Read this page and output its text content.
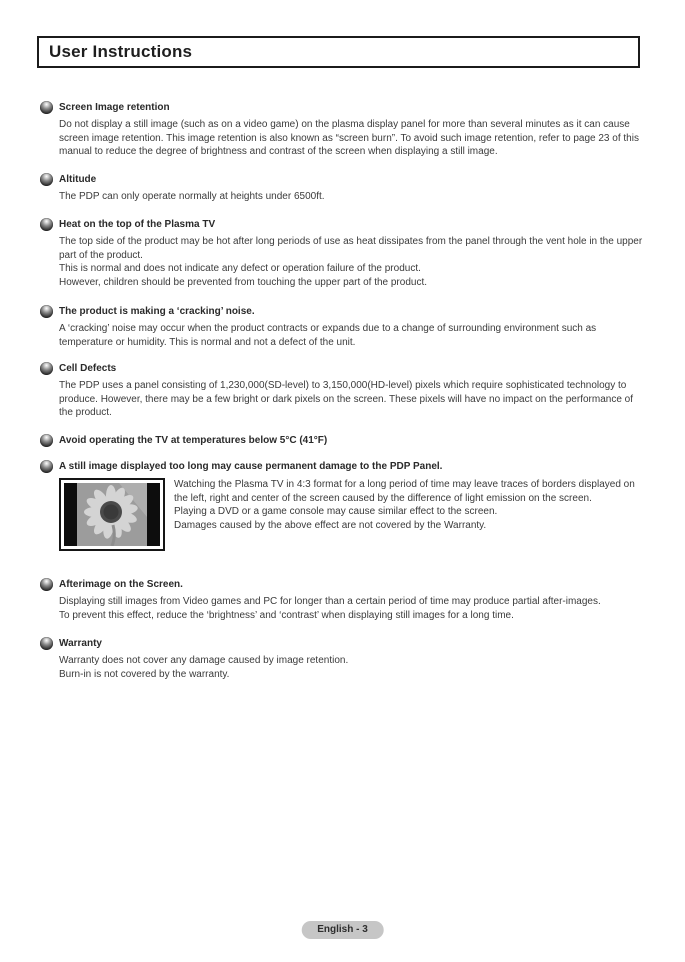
User Instructions
Screen Image retention
Do not display a still image (such as on a video game) on the plasma display panel for more than several minutes as it can cause screen image retention. This image retention is also known as “screen burn”. To avoid such image retention, refer to page 23 of this manual to reduce the degree of brightness and contrast of the screen when displaying a still image.
Altitude
The PDP can only operate normally at heights under 6500ft.
Heat on the top of the Plasma TV
The top side of the product may be hot after long periods of use as heat dissipates from the panel through the vent hole in the upper part of the product.
This is normal and does not indicate any defect or operation failure of the product.
However, children should be prevented from touching the upper part of the product.
The product is making a ‘cracking’ noise.
A ‘cracking’ noise may occur when the product contracts or expands due to a change of surrounding environment such as temperature or humidity. This is normal and not a defect of the unit.
Cell Defects
The PDP uses a panel consisting of 1,230,000(SD-level) to 3,150,000(HD-level) pixels which require sophisticated technology to produce. However, there may be a few bright or dark pixels on the screen. These pixels will have no impact on the performance of the product.
Avoid operating the TV at temperatures below 5°C (41°F)
A still image displayed too long may cause permanent damage to the PDP Panel.
Watching the Plasma TV in 4:3 format for a long period of time may leave traces of borders displayed on the left, right and center of the screen caused by the difference of light emission on the screen.
Playing a DVD or a game console may cause similar effect to the screen.
Damages caused by the above effect are not covered by the Warranty.
Afterimage on the Screen.
Displaying still images from Video games and PC for longer than a certain period of time may produce partial after-images.
To prevent this effect, reduce the ‘brightness’ and ‘contrast’ when displaying still images for a long time.
Warranty
Warranty does not cover any damage caused by image retention.
Burn-in is not covered by the warranty.
English - 3
